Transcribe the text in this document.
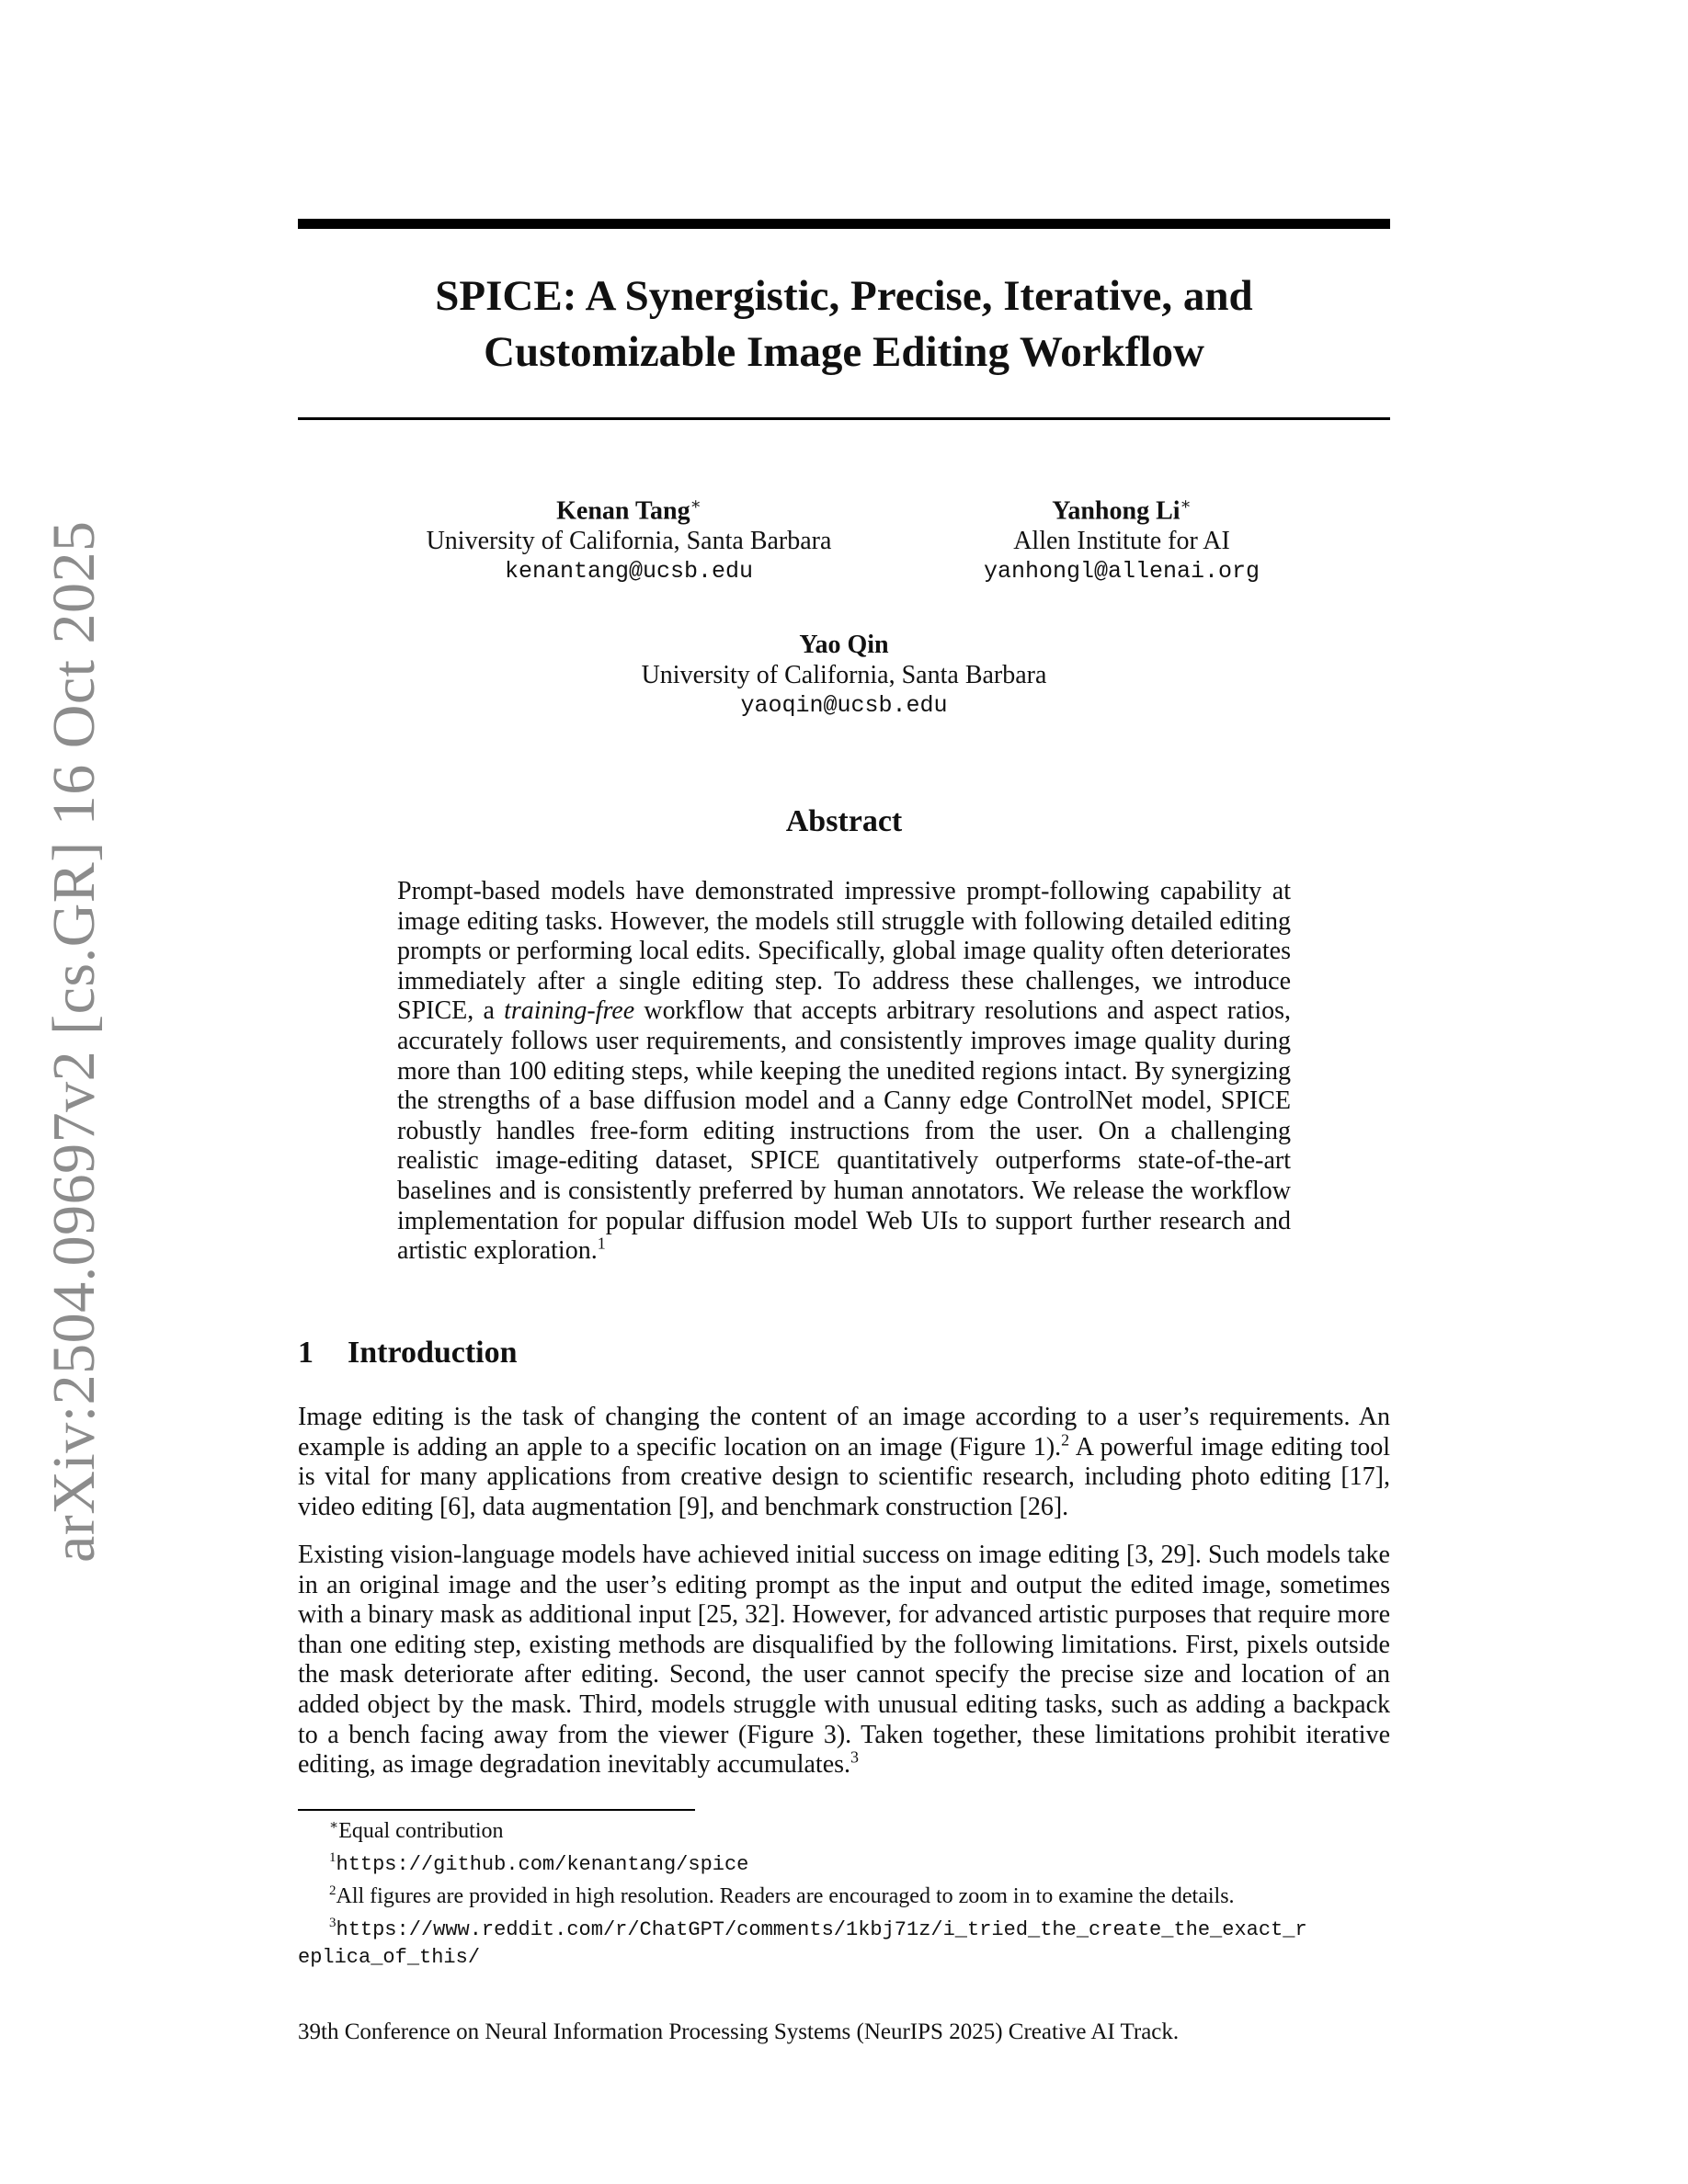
arXiv:2504.09697v2 [cs.GR] 16 Oct 2025
SPICE: A Synergistic, Precise, Iterative, and
Customizable Image Editing Workflow
Kenan Tang∗
University of California, Santa Barbara
kenantang@ucsb.edu
Yanhong Li∗
Allen Institute for AI
yanhongl@allenai.org
Yao Qin
University of California, Santa Barbara
yaoqin@ucsb.edu
Abstract
Prompt-based models have demonstrated impressive prompt-following capability at image editing tasks. However, the models still struggle with following detailed editing prompts or performing local edits. Specifically, global image quality often deteriorates immediately after a single editing step. To address these challenges, we introduce SPICE, a training-free workflow that accepts arbitrary resolutions and aspect ratios, accurately follows user requirements, and consistently improves image quality during more than 100 editing steps, while keeping the unedited regions intact. By synergizing the strengths of a base diffusion model and a Canny edge ControlNet model, SPICE robustly handles free-form editing instructions from the user. On a challenging realistic image-editing dataset, SPICE quantitatively outperforms state-of-the-art baselines and is consistently preferred by human annotators. We release the workflow implementation for popular diffusion model Web UIs to support further research and artistic exploration.$^1$
1 Introduction
Image editing is the task of changing the content of an image according to a user’s requirements. An example is adding an apple to a specific location on an image (Figure 1).$^2$ A powerful image editing tool is vital for many applications from creative design to scientific research, including photo editing [17], video editing [6], data augmentation [9], and benchmark construction [26].
Existing vision-language models have achieved initial success on image editing [3, 29]. Such models take in an original image and the user’s editing prompt as the input and output the edited image, sometimes with a binary mask as additional input [25, 32]. However, for advanced artistic purposes that require more than one editing step, existing methods are disqualified by the following limitations. First, pixels outside the mask deteriorate after editing. Second, the user cannot specify the precise size and location of an added object by the mask. Third, models struggle with unusual editing tasks, such as adding a backpack to a bench facing away from the viewer (Figure 3). Taken together, these limitations prohibit iterative editing, as image degradation inevitably accumulates.$^3$
∗Equal contribution
$^1$https://github.com/kenantang/spice
$^2$All figures are provided in high resolution. Readers are encouraged to zoom in to examine the details.
$^3$https://www.reddit.com/r/ChatGPT/comments/1kbj71z/i_tried_the_create_the_exact_r
eplica_of_this/
39th Conference on Neural Information Processing Systems (NeurIPS 2025) Creative AI Track.
